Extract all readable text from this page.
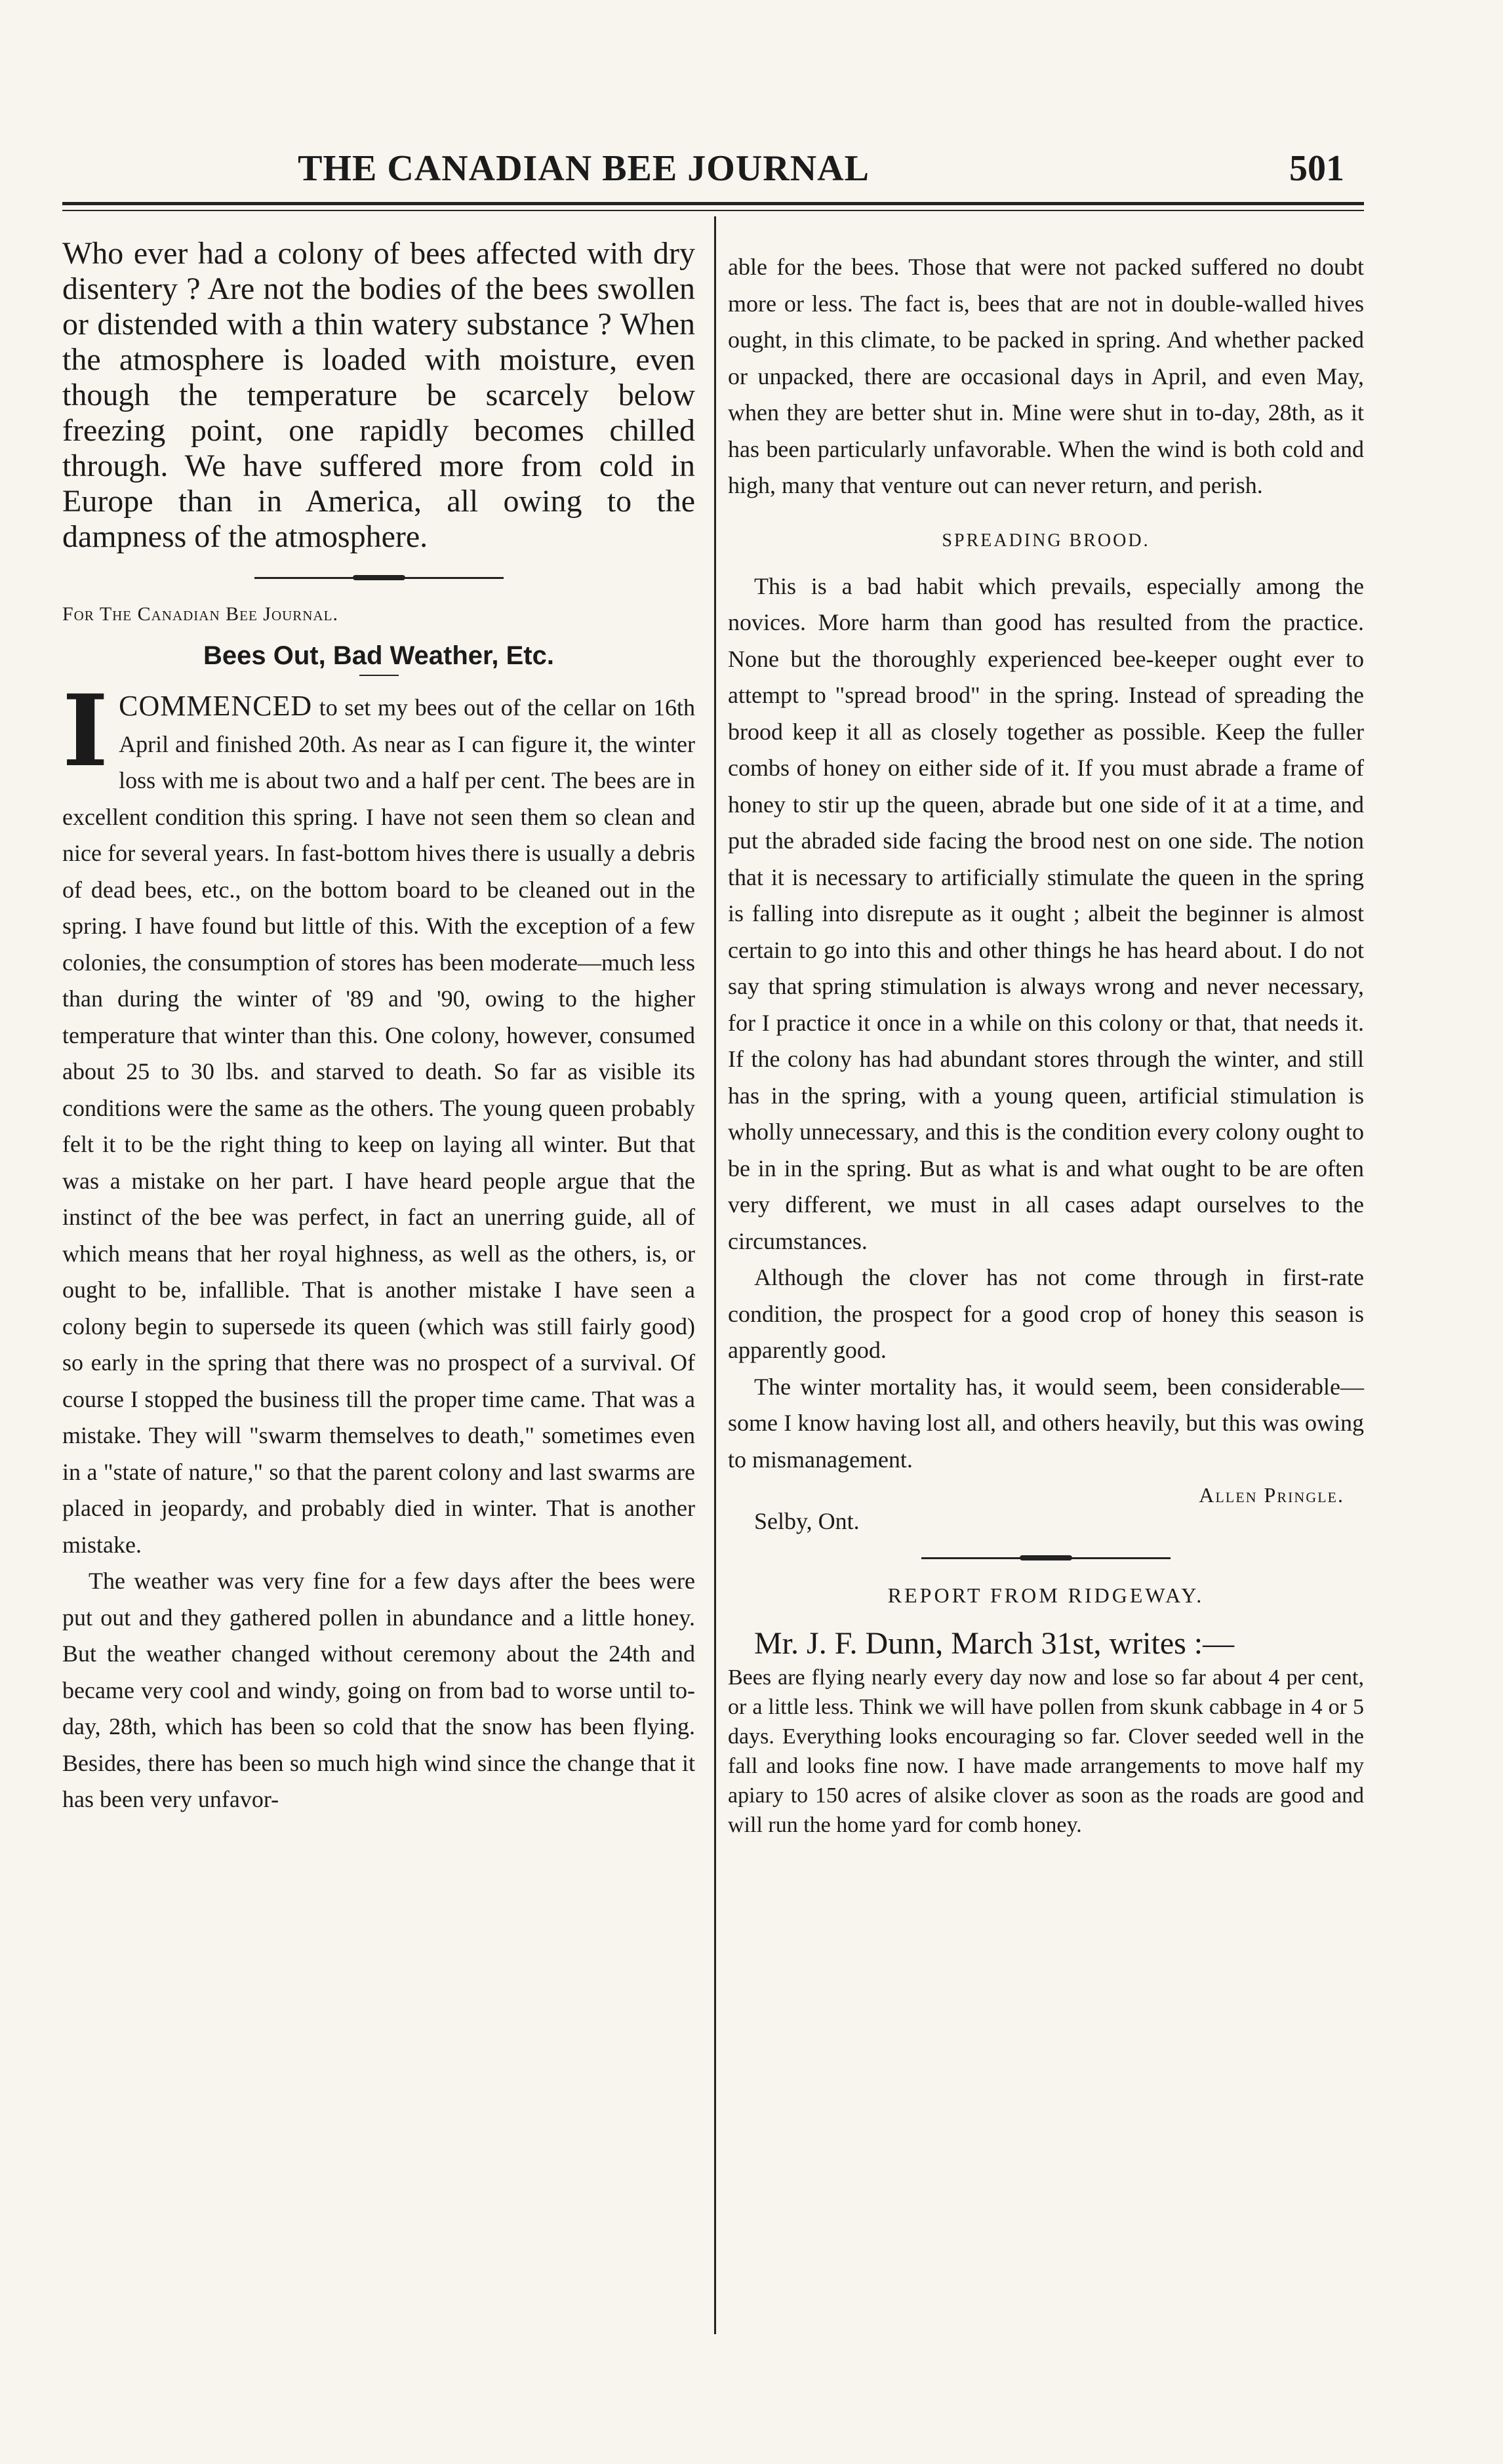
THE CANADIAN BEE JOURNAL	501

Who ever had a colony of bees affected with dry disentery ? Are not the bodies of the bees swollen or distended with a thin watery substance ? When the atmosphere is loaded with moisture, even though the temperature be scarcely below freezing point, one rapidly becomes chilled through. We have suffered more from cold in Europe than in America, all owing to the dampness of the atmosphere.

For The Canadian Bee Journal.
Bees Out, Bad Weather, Etc.

ICOMMENCED to set my bees out of the cellar on 16th April and finished 20th. As near as I can figure it, the winter loss with me is about two and a half per cent. The bees are in excellent condition this spring. I have not seen them so clean and nice for several years. In fast-bottom hives there is usually a debris of dead bees, etc., on the bottom board to be cleaned out in the spring. I have found but little of this. With the exception of a few colonies, the consumption of stores has been moderate—much less than during the winter of '89 and '90, owing to the higher temperature that winter than this. One colony, however, consumed about 25 to 30 lbs. and starved to death. So far as visible its conditions were the same as the others. The young queen probably felt it to be the right thing to keep on laying all winter. But that was a mistake on her part. I have heard people argue that the instinct of the bee was perfect, in fact an unerring guide, all of which means that her royal highness, as well as the others, is, or ought to be, infallible. That is another mistake I have seen a colony begin to supersede its queen (which was still fairly good) so early in the spring that there was no prospect of a survival. Of course I stopped the business till the proper time came. That was a mistake. They will "swarm themselves to death," sometimes even in a "state of nature," so that the parent colony and last swarms are placed in jeopardy, and probably died in winter. That is another mistake.

The weather was very fine for a few days after the bees were put out and they gathered pollen in abundance and a little honey. But the weather changed without ceremony about the 24th and became very cool and windy, going on from bad to worse until to-day, 28th, which has been so cold that the snow has been flying. Besides, there has been so much high wind since the change that it has been very unfavor-

able for the bees. Those that were not packed suffered no doubt more or less. The fact is, bees that are not in double-walled hives ought, in this climate, to be packed in spring. And whether packed or unpacked, there are occasional days in April, and even May, when they are better shut in. Mine were shut in to-day, 28th, as it has been particularly unfavorable. When the wind is both cold and high, many that venture out can never return, and perish.

SPREADING BROOD.

This is a bad habit which prevails, especially among the novices. More harm than good has resulted from the practice. None but the thoroughly experienced bee-keeper ought ever to attempt to "spread brood" in the spring. Instead of spreading the brood keep it all as closely together as possible. Keep the fuller combs of honey on either side of it. If you must abrade a frame of honey to stir up the queen, abrade but one side of it at a time, and put the abraded side facing the brood nest on one side. The notion that it is necessary to artificially stimulate the queen in the spring is falling into disrepute as it ought ; albeit the beginner is almost certain to go into this and other things he has heard about. I do not say that spring stimulation is always wrong and never necessary, for I practice it once in a while on this colony or that, that needs it. If the colony has had abundant stores through the winter, and still has in the spring, with a young queen, artificial stimulation is wholly unnecessary, and this is the condition every colony ought to be in in the spring. But as what is and what ought to be are often very different, we must in all cases adapt ourselves to the circumstances.

Although the clover has not come through in first-rate condition, the prospect for a good crop of honey this season is apparently good.

The winter mortality has, it would seem, been considerable—some I know having lost all, and others heavily, but this was owing to mismanagement.

Allen Pringle.
Selby, Ont.
REPORT FROM RIDGEWAY.
Mr. J. F. Dunn, March 31st, writes :—

Bees are flying nearly every day now and lose so far about 4 per cent, or a little less. Think we will have pollen from skunk cabbage in 4 or 5 days. Everything looks encouraging so far. Clover seeded well in the fall and looks fine now. I have made arrangements to move half my apiary to 150 acres of alsike clover as soon as the roads are good and will run the home yard for comb honey.
